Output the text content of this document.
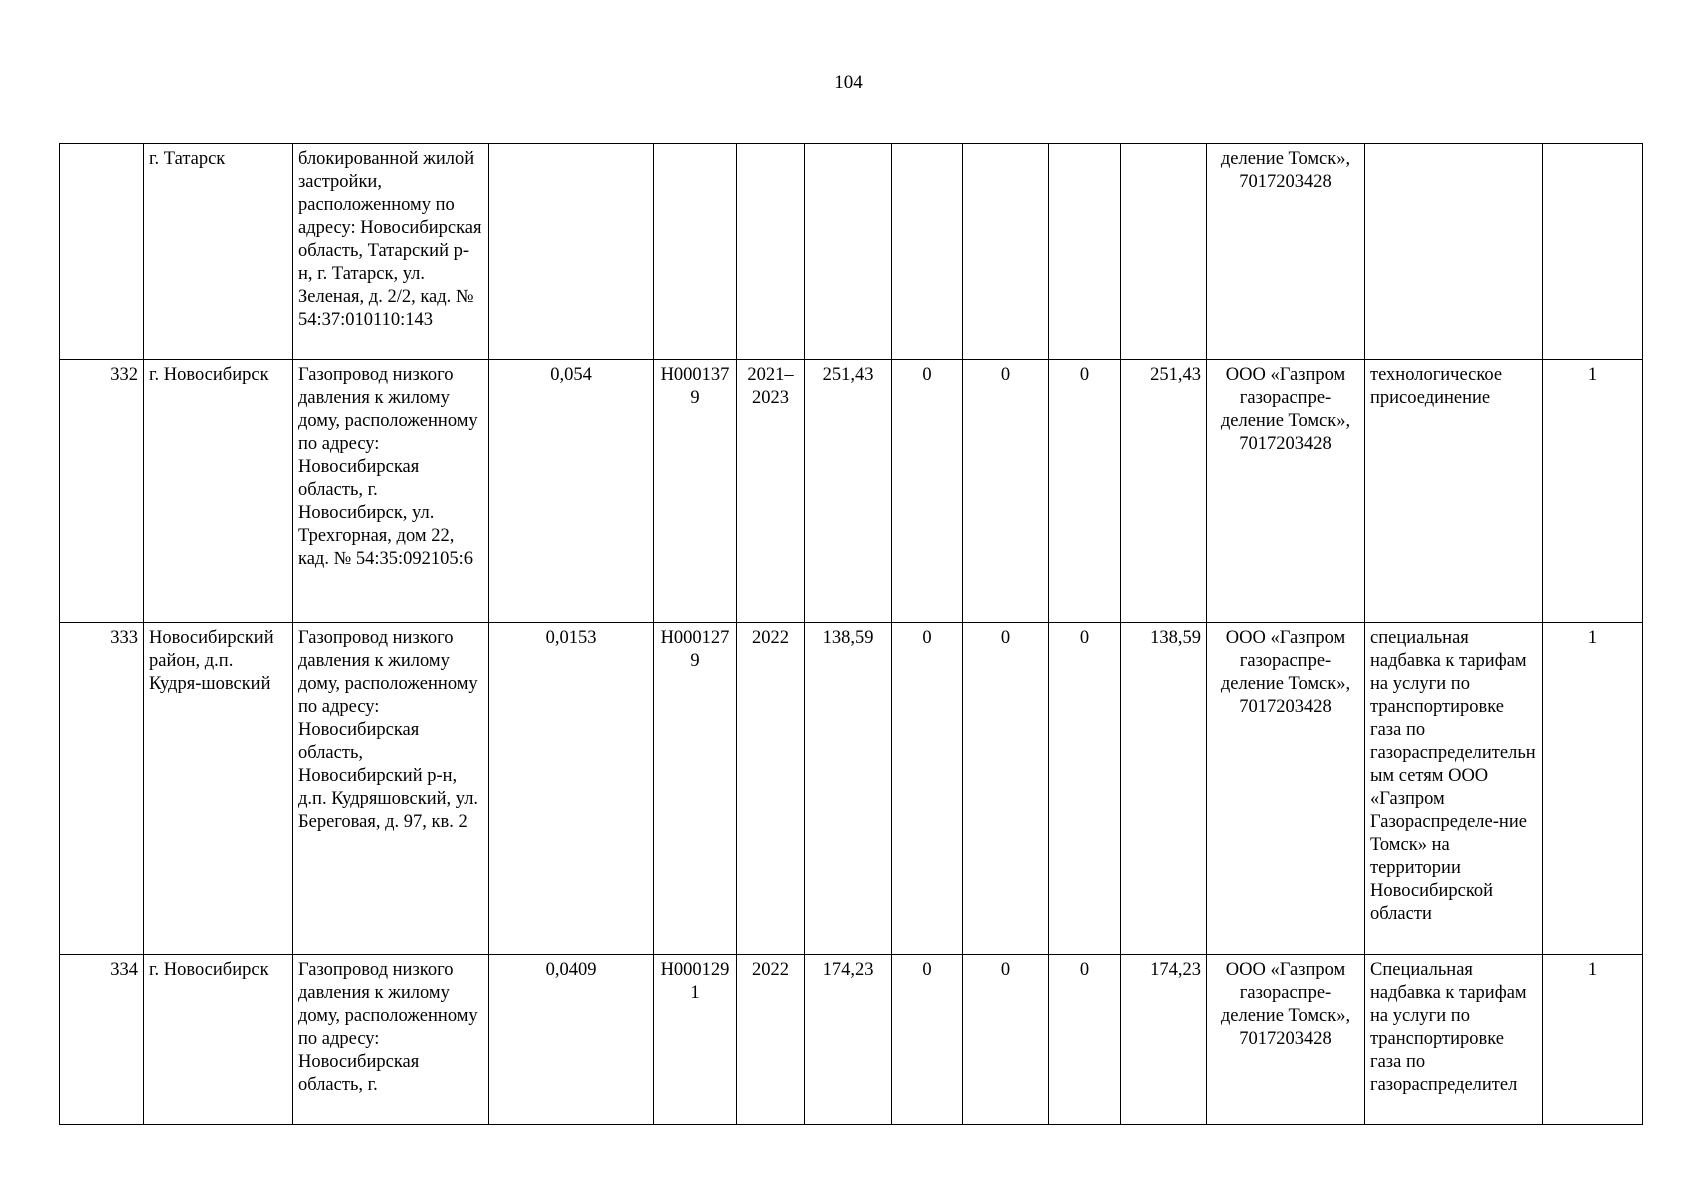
104
	г. Татарск	блокированной жилой застройки, расположенному по адресу: Новосибирская область, Татарский р-н, г. Татарск, ул. Зеленая, д. 2/2, кад. № 54:37:010110:143									деление Томск», 7017203428		
332	г. Новосибирск	Газопровод низкого давления к жилому дому, расположенному по адресу: Новосибирская область, г. Новосибирск, ул. Трехгорная, дом 22, кад. № 54:35:092105:6	0,054	Н0001379	2021–2023	251,43	0	0	0	251,43	ООО «Газпром газораспре-деление Томск», 7017203428	технологическое присоединение	1
333	Новосибирский район, д.п. Кудря-шовский	Газопровод низкого давления к жилому дому, расположенному по адресу: Новосибирская область, Новосибирский р-н, д.п. Кудряшовский, ул. Береговая, д. 97, кв. 2	0,0153	Н0001279	2022	138,59	0	0	0	138,59	ООО «Газпром газораспре-деление Томск», 7017203428	специальная надбавка к тарифам на услуги по транспортировке газа по газораспределительным сетям ООО «Газпром Газораспределе-ние Томск» на территории Новосибирской области	1
334	г. Новосибирск	Газопровод низкого давления к жилому дому, расположенному по адресу: Новосибирская область, г.	0,0409	Н0001291	2022	174,23	0	0	0	174,23	ООО «Газпром газораспре-деление Томск», 7017203428	Специальная надбавка к тарифам на услуги по транспортировке газа по газораспределител	1
